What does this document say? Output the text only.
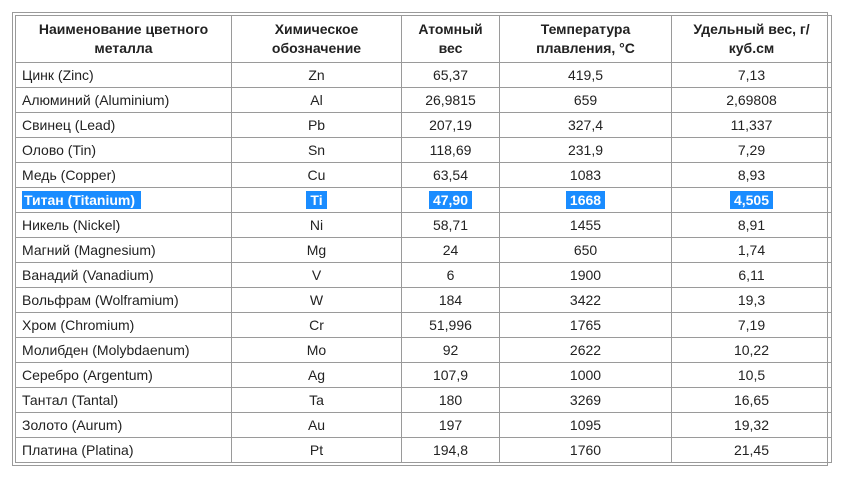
Наименование цветного металла	Химическое обозначение	Атомный вес	Температура плавления, °С	Удельный вес, г/куб.см
Цинк (Zinc)	Zn	65,37	419,5	7,13
Алюминий (Aluminium)	Al	26,9815	659	2,69808
Свинец (Lead)	Pb	207,19	327,4	11,337
Олово (Tin)	Sn	118,69	231,9	7,29
Медь (Copper)	Cu	63,54	1083	8,93
Титан (Titanium)	Ti	47,90	1668	4,505
Никель (Nickel)	Ni	58,71	1455	8,91
Магний (Magnesium)	Mg	24	650	1,74
Ванадий (Vanadium)	V	6	1900	6,11
Вольфрам (Wolframium)	W	184	3422	19,3
Хром (Chromium)	Cr	51,996	1765	7,19
Молибден (Molybdaenum)	Mo	92	2622	10,22
Серебро (Argentum)	Ag	107,9	1000	10,5
Тантал (Tantal)	Ta	180	3269	16,65
Золото (Aurum)	Au	197	1095	19,32
Платина (Platina)	Pt	194,8	1760	21,45
